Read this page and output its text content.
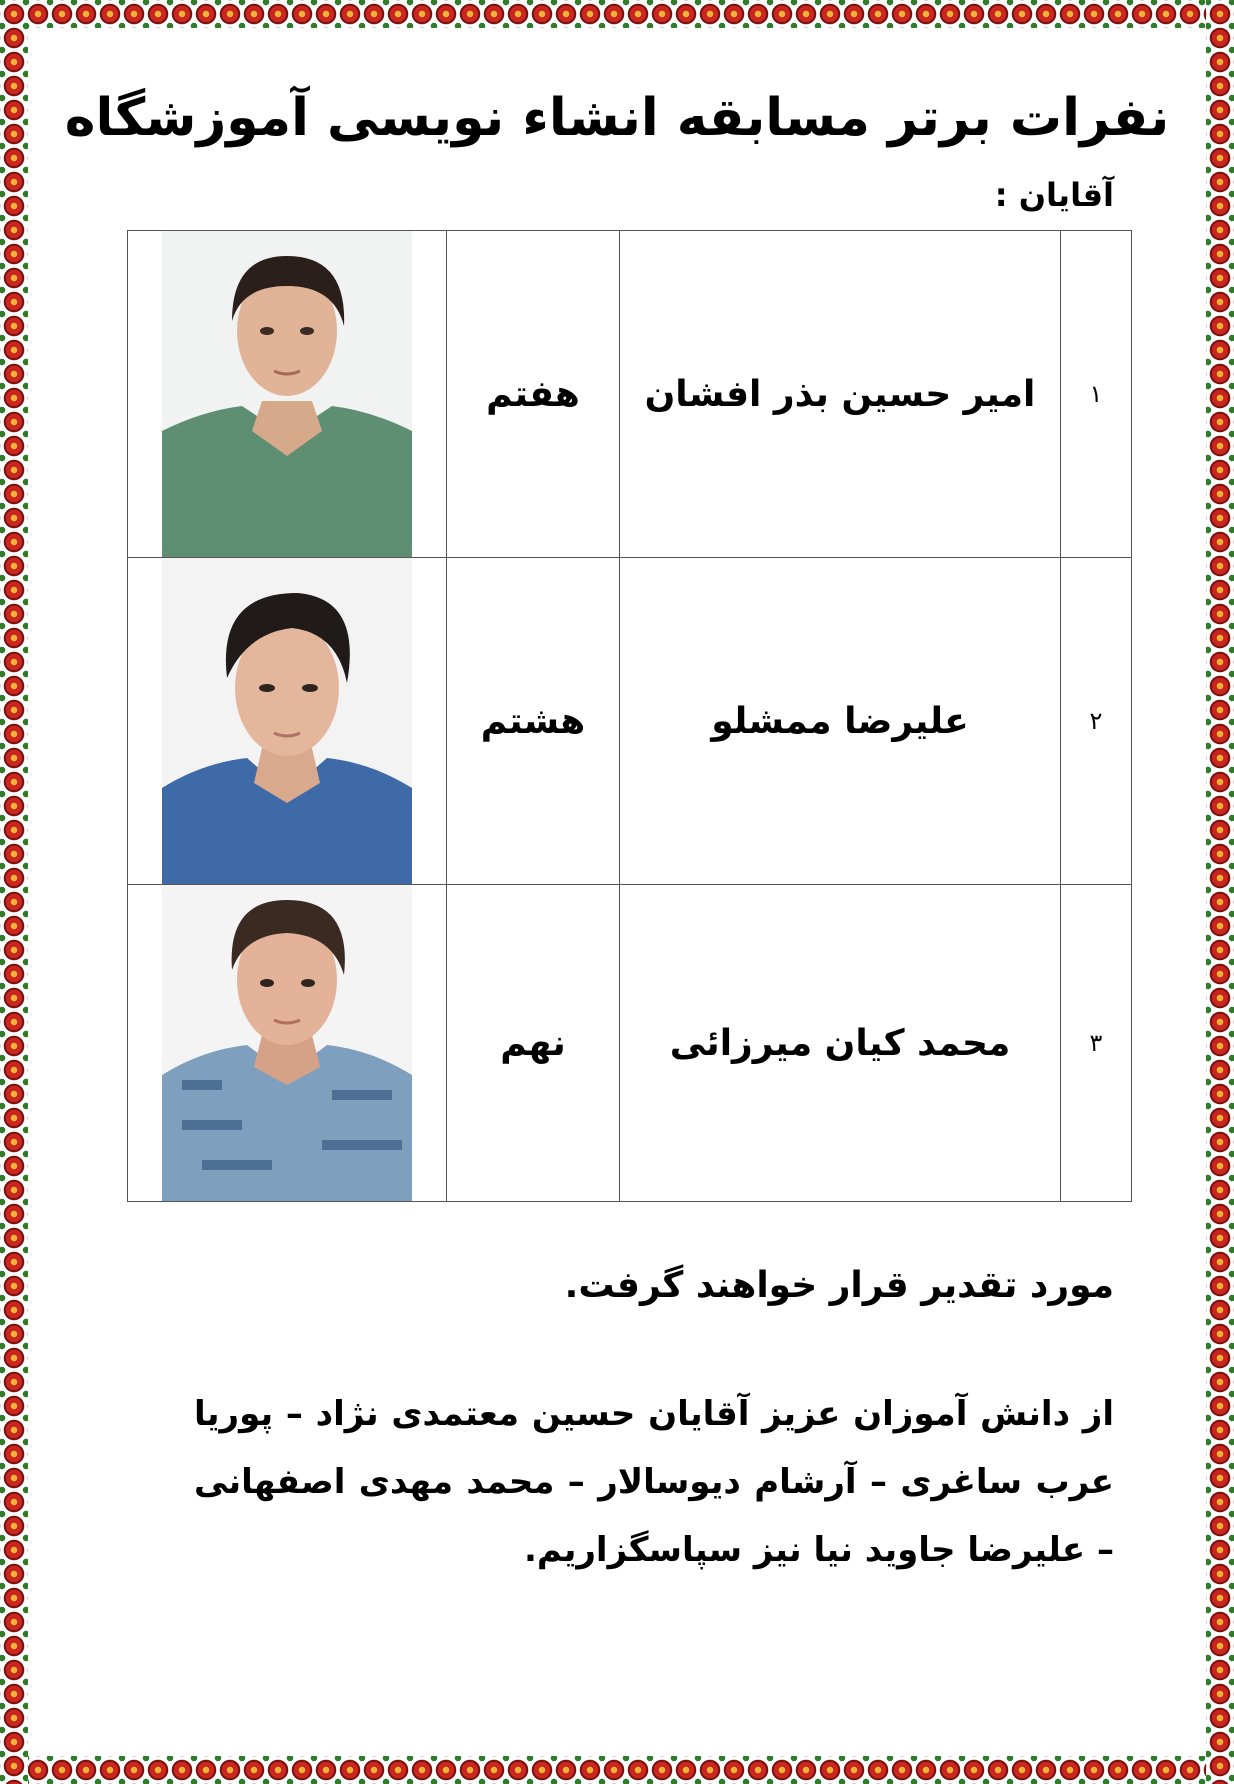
نفرات برتر مسابقه انشاء نویسی آموزشگاه
آقایان :
۱	امیر حسین بذر افشان	هفتم	

۲	علیرضا ممشلو	هشتم	

۳	محمد کیان میرزائی	نهم	
مورد تقدیر قرار خواهند گرفت.
از دانش آموزان عزیز آقایان حسین معتمدی نژاد – پوریا عرب ساغری – آرشام دیوسالار – محمد مهدی اصفهانی – علیرضا جاوید نیا نیز سپاسگزاریم.
